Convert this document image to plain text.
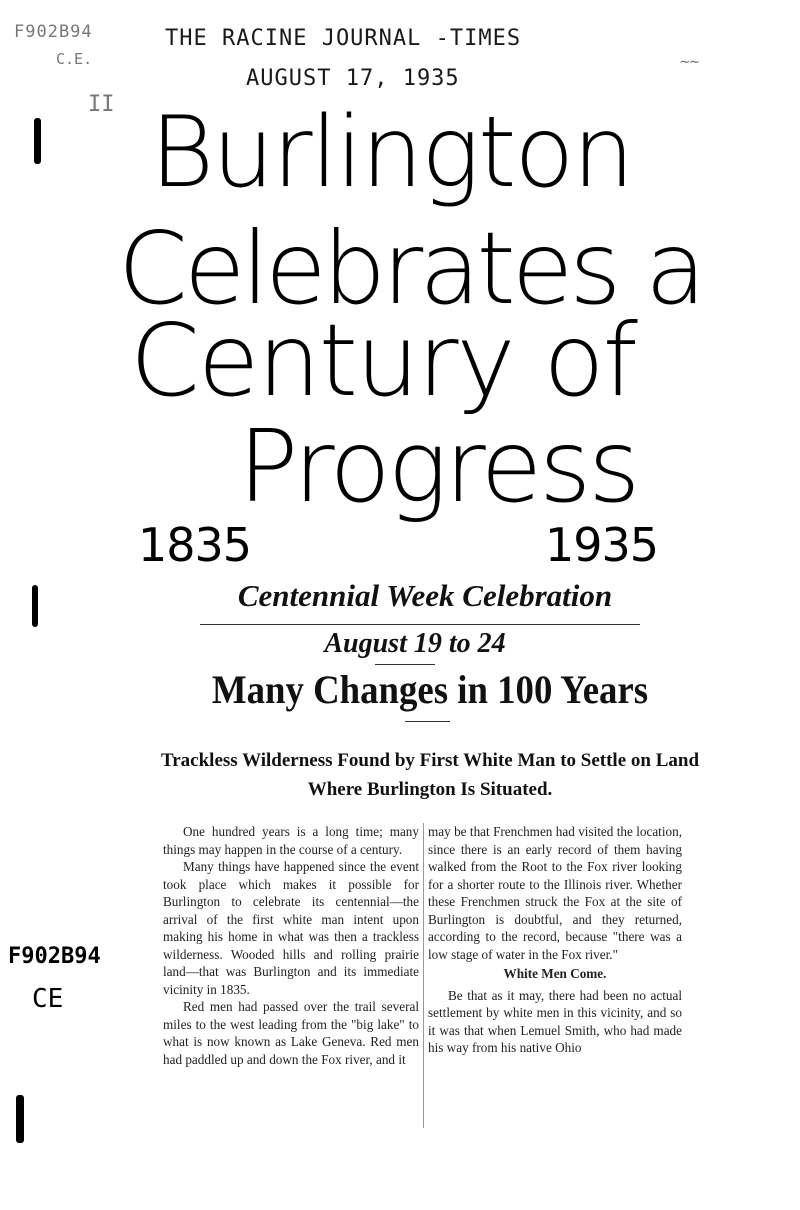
F902B94
C.E.
THE RACINE JOURNAL -TIMES
AUGUST 17, 1935
II
~~
Burlington
Celebrates a
Century of
Progress
1835	1935
Centennial Week Celebration
August 19 to 24
Many Changes in 100 Years
Trackless Wilderness Found by First White Man to Settle on Land Where Burlington Is Situated.

One hundred years is a long time; many things may happen in the course of a century.

Many things have happened since the event took place which makes it possible for Burlington to celebrate its centennial—the arrival of the first white man intent upon making his home in what was then a trackless wilderness. Wooded hills and rolling prairie land—that was Burlington and its immediate vicinity in 1835.

Red men had passed over the trail several miles to the west leading from the "big lake" to what is now known as Lake Geneva. Red men had paddled up and down the Fox river, and it

may be that Frenchmen had visited the location, since there is an early record of them having walked from the Root to the Fox river looking for a shorter route to the Illinois river. Whether these Frenchmen struck the Fox at the site of Burlington is doubtful, and they returned, according to the record, because "there was a low stage of water in the Fox river."

White Men Come.

Be that as it may, there had been no actual settlement by white men in this vicinity, and so it was that when Lemuel Smith, who had made his way from his native Ohio

F902B94
CE
